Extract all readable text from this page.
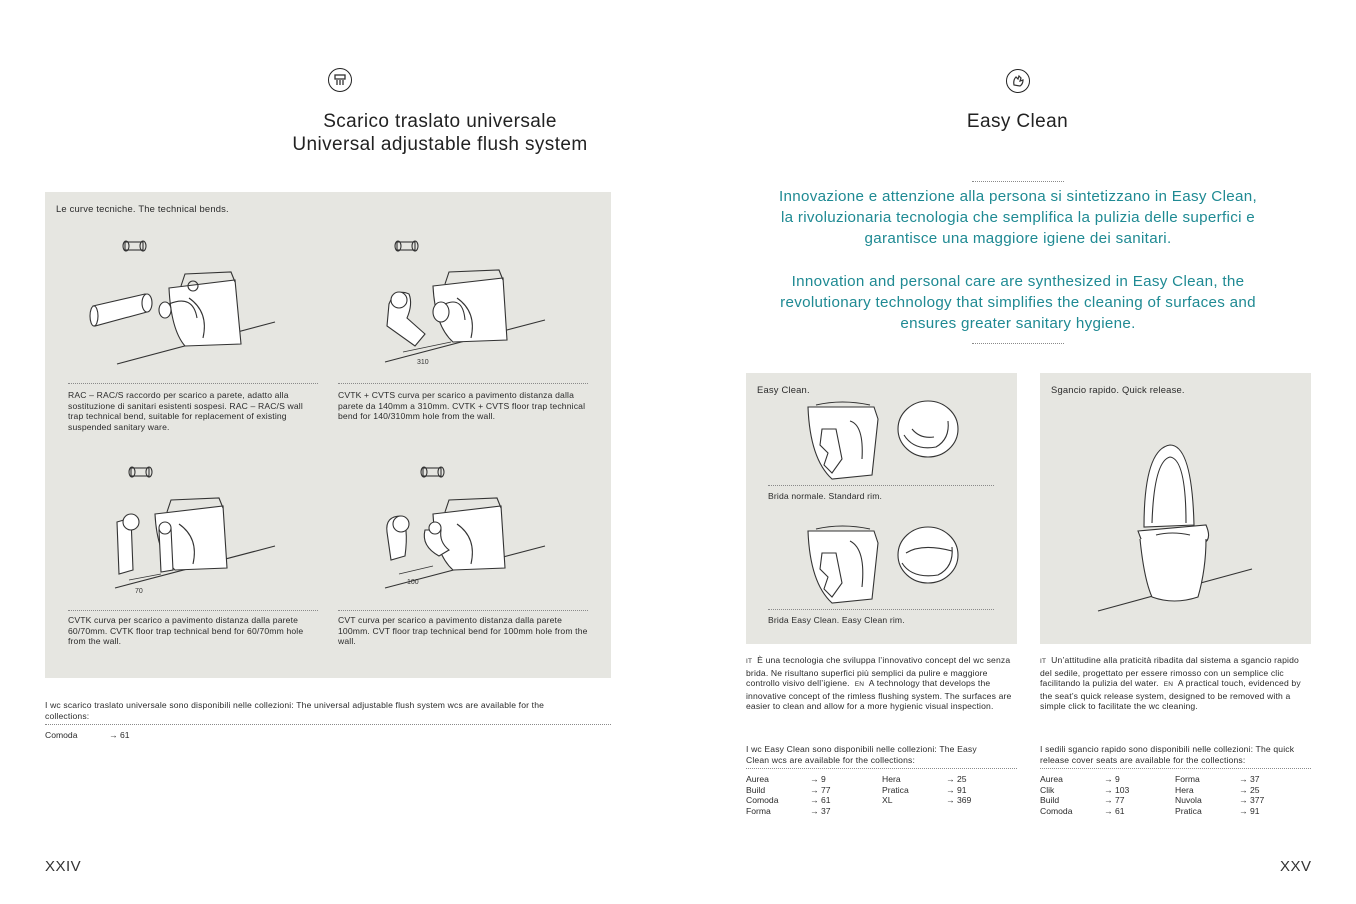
Scarico traslato universale
Universal adjustable flush system
Le curve tecniche. The technical bends.
310
RAC – RAC/S raccordo per scarico a parete, adatto alla sostituzione di sanitari esistenti sospesi. RAC – RAC/S wall trap technical bend, suitable for replacement of existing suspended sanitary ware.
CVTK + CVTS curva per scarico a pavimento distanza dalla parete da 140mm a 310mm. CVTK + CVTS floor trap technical bend for 140/310mm hole from the wall.
70
100
CVTK curva per scarico a pavimento distanza dalla parete 60/70mm. CVTK floor trap technical bend for 60/70mm hole from the wall.
CVT curva per scarico a pavimento distanza dalla parete 100mm. CVT floor trap technical bend for 100mm hole from the wall.
I wc scarico traslato universale sono disponibili nelle collezioni: The universal adjustable flush system wcs are available for the collections:
Comoda	→ 61
XXIV
Easy Clean
Innovazione e attenzione alla persona si sintetizzano in Easy Clean, la rivoluzionaria tecnologia che semplifica la pulizia delle superfici e garantisce una maggiore igiene dei sanitari.
Innovation and personal care are synthesized in Easy Clean, the revolutionary technology that simplifies the cleaning of surfaces and ensures greater sanitary hygiene.
Easy Clean.
Brida normale. Standard rim.
Brida Easy Clean. Easy Clean rim.
Sgancio rapido. Quick release.
IT È una tecnologia che sviluppa l’innovativo concept del wc senza brida. Ne risultano superfici più semplici da pulire e maggiore controllo visivo dell’igiene. EN A technology that develops the innovative concept of the rimless flushing system. The surfaces are easier to clean and allow for a more hygienic visual inspection.
IT Un’attitudine alla praticità ribadita dal sistema a sgancio rapido del sedile, progettato per essere rimosso con un semplice clic facilitando la pulizia del water. EN A practical touch, evidenced by the seat’s quick release system, designed to be removed with a simple click to facilitate the wc cleaning.
I wc Easy Clean sono disponibili nelle collezioni: The Easy Clean wcs are available for the collections:
Aurea	→ 9
Build	→ 77
Comoda	→ 61
Forma	→ 37
Hera	→ 25
Pratica	→ 91
XL	→ 369
I sedili sgancio rapido sono disponibili nelle collezioni: The quick release cover seats are available for the collections:
Aurea	→ 9
Clik	→ 103
Build	→ 77
Comoda	→ 61
Forma	→ 37
Hera	→ 25
Nuvola	→ 377
Pratica	→ 91
XXV
